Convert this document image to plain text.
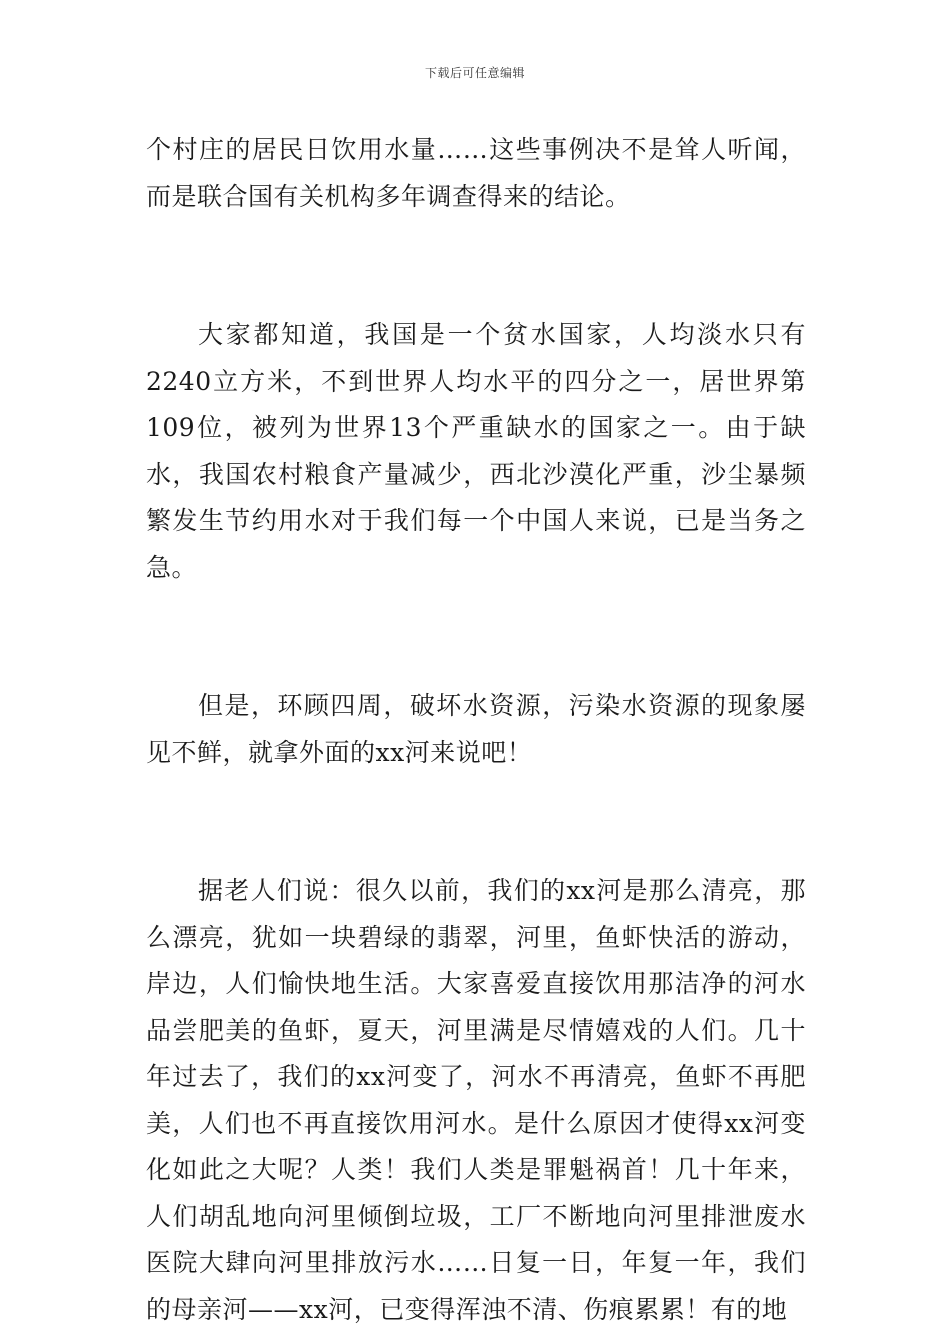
下载后可任意编辑

个村庄的居民日饮用水量……这些事例决不是耸人听闻，而是联合国有关机构多年调查得来的结论。

大家都知道，我国是一个贫水国家，人均淡水只有2240立方米，不到世界人均水平的四分之一，居世界第109位，被列为世界13个严重缺水的国家之一。由于缺水，我国农村粮食产量减少，西北沙漠化严重，沙尘暴频繁发生节约用水对于我们每一个中国人来说，已是当务之急。

但是，环顾四周，破坏水资源，污染水资源的现象屡见不鲜，就拿外面的xx河来说吧！

据老人们说：很久以前，我们的xx河是那么清亮，那么漂亮，犹如一块碧绿的翡翠，河里，鱼虾快活的游动，岸边，人们愉快地生活。大家喜爱直接饮用那洁净的河水品尝肥美的鱼虾，夏天，河里满是尽情嬉戏的人们。几十年过去了，我们的xx河变了，河水不再清亮，鱼虾不再肥美，人们也不再直接饮用河水。是什么原因才使得xx河变化如此之大呢？人类！我们人类是罪魁祸首！几十年来，人们胡乱地向河里倾倒垃圾，工厂不断地向河里排泄废水医院大肆向河里排放污水……日复一日，年复一年，我们的母亲河——xx河，已变得浑浊不清、伤痕累累！有的地
